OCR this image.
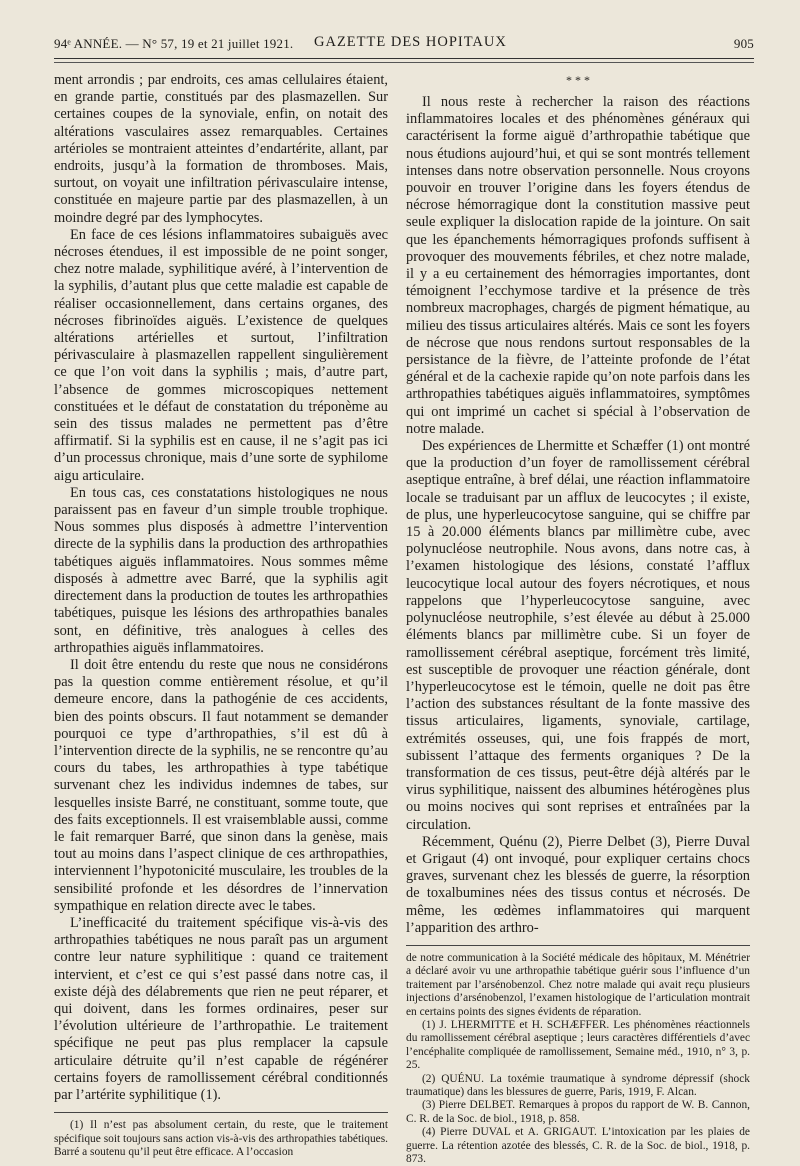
94ᵉ ANNÉE. — N° 57, 19 et 21 juillet 1921. GAZETTE DES HOPITAUX	905

ment arrondis ; par endroits, ces amas cellulaires étaient, en grande partie, constitués par des plasmazellen. Sur certaines coupes de la synoviale, enfin, on notait des altérations vasculaires assez remarquables. Certaines artérioles se montraient atteintes d’endartérite, allant, par endroits, jusqu’à la formation de thromboses. Mais, surtout, on voyait une infiltration périvasculaire intense, constituée en majeure partie par des plasmazellen, à un moindre degré par des lymphocytes.

En face de ces lésions inflammatoires subaiguës avec nécroses étendues, il est impossible de ne point songer, chez notre malade, syphilitique avéré, à l’intervention de la syphilis, d’autant plus que cette maladie est capable de réaliser occasionnellement, dans certains organes, des nécroses fibrinoïdes aiguës. L’existence de quelques altérations artérielles et surtout, l’infiltration périvasculaire à plasmazellen rappellent singulièrement ce que l’on voit dans la syphilis ; mais, d’autre part, l’absence de gommes microscopiques nettement constituées et le défaut de constatation du tréponème au sein des tissus malades ne permettent pas d’être affirmatif. Si la syphilis est en cause, il ne s’agit pas ici d’un processus chronique, mais d’une sorte de syphilome aigu articulaire.

En tous cas, ces constatations histologiques ne nous paraissent pas en faveur d’un simple trouble trophique. Nous sommes plus disposés à admettre l’intervention directe de la syphilis dans la production des arthropathies tabétiques aiguës inflammatoires. Nous sommes même disposés à admettre avec Barré, que la syphilis agit directement dans la production de toutes les arthropathies tabétiques, puisque les lésions des arthropathies banales sont, en définitive, très analogues à celles des arthropathies aiguës inflammatoires.

Il doit être entendu du reste que nous ne considérons pas la question comme entièrement résolue, et qu’il demeure encore, dans la pathogénie de ces accidents, bien des points obscurs. Il faut notamment se demander pourquoi ce type d’arthropathies, s’il est dû à l’intervention directe de la syphilis, ne se rencontre qu’au cours du tabes, les arthropathies à type tabétique survenant chez les individus indemnes de tabes, sur lesquelles insiste Barré, ne constituant, somme toute, que des faits exceptionnels. Il est vraisemblable aussi, comme le fait remarquer Barré, que sinon dans la genèse, mais tout au moins dans l’aspect clinique de ces arthropathies, interviennent l’hypotonicité musculaire, les troubles de la sensibilité profonde et les désordres de l’innervation sympathique en relation directe avec le tabes.

L’inefficacité du traitement spécifique vis-à-vis des arthropathies tabétiques ne nous paraît pas un argument contre leur nature syphilitique : quand ce traitement intervient, et c’est ce qui s’est passé dans notre cas, il existe déjà des délabrements que rien ne peut réparer, et qui doivent, dans les formes ordinaires, peser sur l’évolution ultérieure de l’arthropathie. Le traitement spécifique ne peut pas plus remplacer la capsule articulaire détruite qu’il n’est capable de régénérer certains foyers de ramollissement cérébral conditionnés par l’artérite syphilitique (1).

(1) Il n’est pas absolument certain, du reste, que le traitement spécifique soit toujours sans action vis-à-vis des arthropathies tabétiques. Barré a soutenu qu’il peut être efficace. A l’occasion

* * *

Il nous reste à rechercher la raison des réactions inflammatoires locales et des phénomènes généraux qui caractérisent la forme aiguë d’arthropathie tabétique que nous étudions aujourd’hui, et qui se sont montrés tellement intenses dans notre observation personnelle. Nous croyons pouvoir en trouver l’origine dans les foyers étendus de nécrose hémorragique dont la constitution massive peut seule expliquer la dislocation rapide de la jointure. On sait que les épanchements hémorragiques profonds suffisent à provoquer des mouvements fébriles, et chez notre malade, il y a eu certainement des hémorragies importantes, dont témoignent l’ecchymose tardive et la présence de très nombreux macrophages, chargés de pigment hématique, au milieu des tissus articulaires altérés. Mais ce sont les foyers de nécrose que nous rendons surtout responsables de la persistance de la fièvre, de l’atteinte profonde de l’état général et de la cachexie rapide qu’on note parfois dans les arthropathies tabétiques aiguës inflammatoires, symptômes qui ont imprimé un cachet si spécial à l’observation de notre malade.

Des expériences de Lhermitte et Schæffer (1) ont montré que la production d’un foyer de ramollissement cérébral aseptique entraîne, à bref délai, une réaction inflammatoire locale se traduisant par un afflux de leucocytes ; il existe, de plus, une hyperleucocytose sanguine, qui se chiffre par 15 à 20.000 éléments blancs par millimètre cube, avec polynucléose neutrophile. Nous avons, dans notre cas, à l’examen histologique des lésions, constaté l’afflux leucocytique local autour des foyers nécrotiques, et nous rappelons que l’hyperleucocytose sanguine, avec polynucléose neutrophile, s’est élevée au début à 25.000 éléments blancs par millimètre cube. Si un foyer de ramollissement cérébral aseptique, forcément très limité, est susceptible de provoquer une réaction générale, dont l’hyperleucocytose est le témoin, quelle ne doit pas être l’action des substances résultant de la fonte massive des tissus articulaires, ligaments, synoviale, cartilage, extrémités osseuses, qui, une fois frappés de mort, subissent l’attaque des ferments organiques ? De la transformation de ces tissus, peut-être déjà altérés par le virus syphilitique, naissent des albumines hétérogènes plus ou moins nocives qui sont reprises et entraînées par la circulation.

Récemment, Quénu (2), Pierre Delbet (3), Pierre Duval et Grigaut (4) ont invoqué, pour expliquer certains chocs graves, survenant chez les blessés de guerre, la résorption de toxalbumines nées des tissus contus et nécrosés. De même, les œdèmes inflammatoires qui marquent l’apparition des arthro-

de notre communication à la Société médicale des hôpitaux, M. Ménétrier a déclaré avoir vu une arthropathie tabétique guérir sous l’influence d’un traitement par l’arsénobenzol. Chez notre malade qui avait reçu plusieurs injections d’arsénobenzol, l’examen histologique de l’articulation montrait en certains points des signes évidents de réparation.

(1) J. LHERMITTE et H. SCHÆFFER. Les phénomènes réactionnels du ramollissement cérébral aseptique ; leurs caractères différentiels d’avec l’encéphalite compliquée de ramollissement, Semaine méd., 1910, n° 3, p. 25.

(2) QUÉNU. La toxémie traumatique à syndrome dépressif (shock traumatique) dans les blessures de guerre, Paris, 1919, F. Alcan.

(3) Pierre DELBET. Remarques à propos du rapport de W. B. Cannon, C. R. de la Soc. de biol., 1918, p. 858.

(4) Pierre DUVAL et A. GRIGAUT. L’intoxication par les plaies de guerre. La rétention azotée des blessés, C. R. de la Soc. de biol., 1918, p. 873.
